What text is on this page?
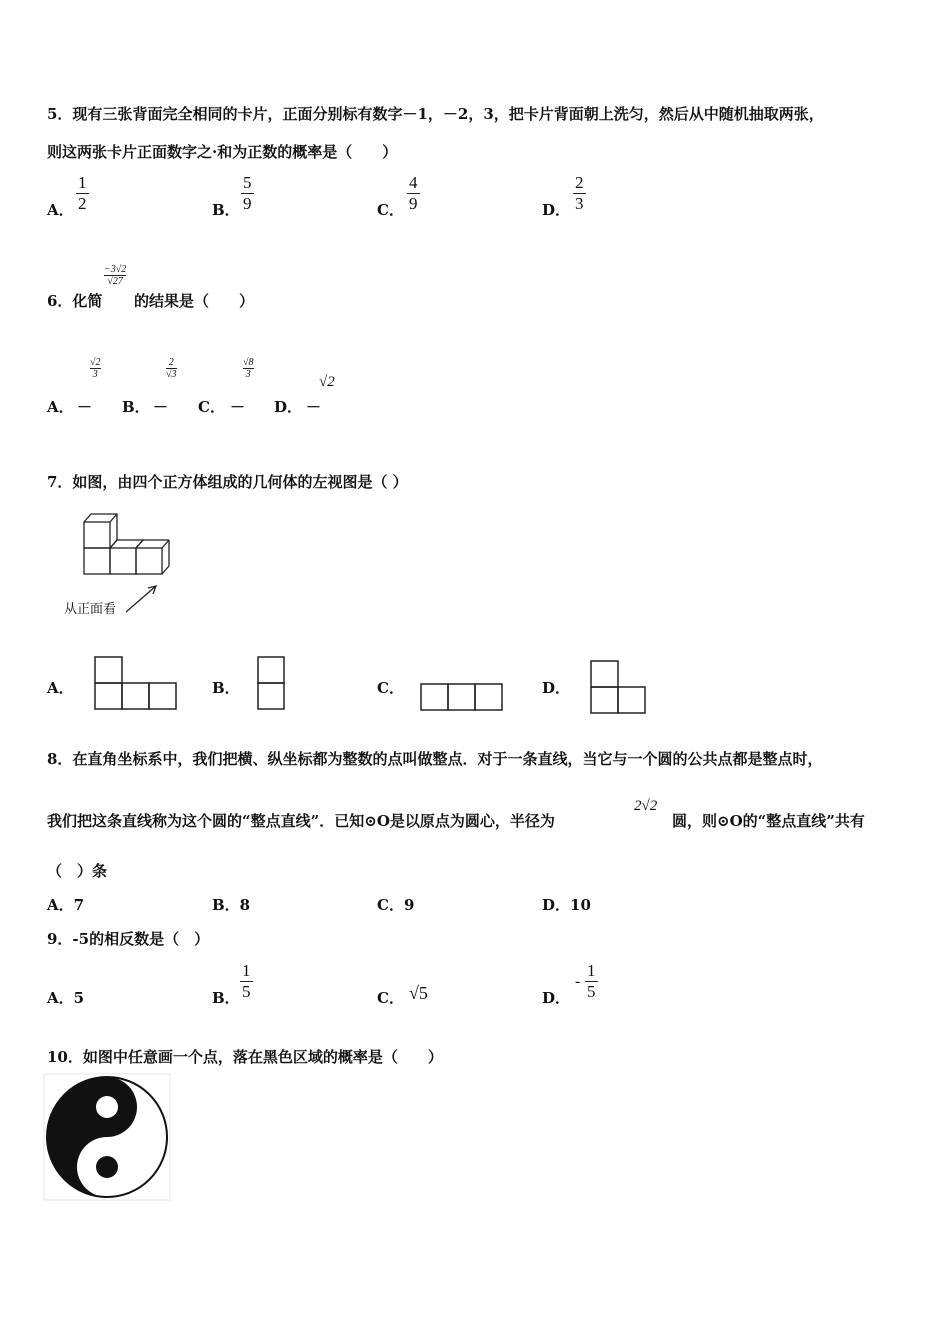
5．现有三张背面完全相同的卡片，正面分别标有数字－1，－2，3，把卡片背面朝上洗匀，然后从中随机抽取两张，
则这两张卡片正面数字之·和为正数的概率是（　　）
A．
1
2	B．
5
9	C．
4
9	D．
2
3
6．化简
−3√2
√27
的结果是（　　）
A． －
√2
3
B． －
2
√3
C． －
√8
3
D． －
√2
7．如图，由四个正方体组成的几何体的左视图是（ ）
从正面看
A．	B．	C．	D．
8．在直角坐标系中，我们把横、纵坐标都为整数的点叫做整点．对于一条直线，当它与一个圆的公共点都是整点时，
我们把这条直线称为这个圆的“整点直线”．已知⊙O是以原点为圆心，半径为
2√2
圆，则⊙O的“整点直线”共有
（　）条
A．7	B．8	C．9	D．10
9．-5的相反数是（　）
A．5	B．
1
5	C． √5	D．
-
1
5
10．如图中任意画一个点，落在黑色区域的概率是（　　）
